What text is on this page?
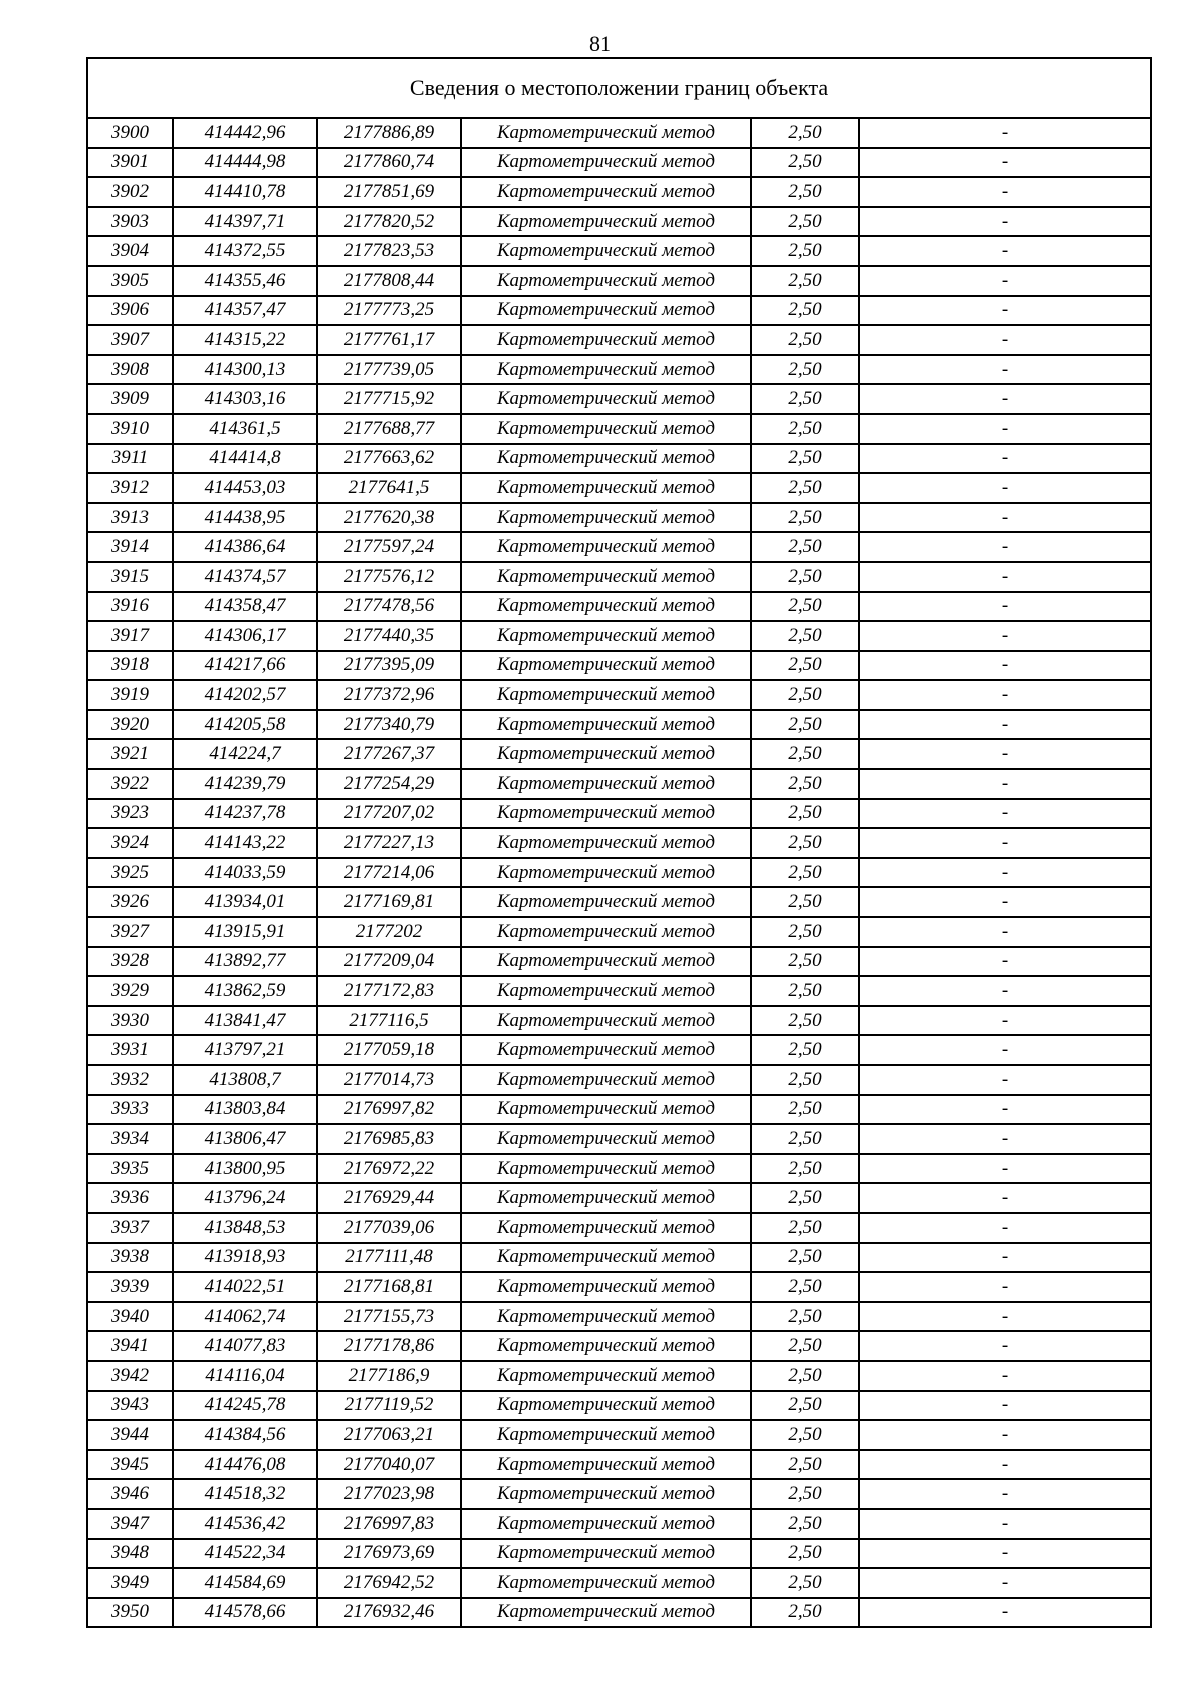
81
Сведения о местоположении границ объекта					
3900	414442,96	2177886,89	Картометрический метод	2,50	-
3901	414444,98	2177860,74	Картометрический метод	2,50	-
3902	414410,78	2177851,69	Картометрический метод	2,50	-
3903	414397,71	2177820,52	Картометрический метод	2,50	-
3904	414372,55	2177823,53	Картометрический метод	2,50	-
3905	414355,46	2177808,44	Картометрический метод	2,50	-
3906	414357,47	2177773,25	Картометрический метод	2,50	-
3907	414315,22	2177761,17	Картометрический метод	2,50	-
3908	414300,13	2177739,05	Картометрический метод	2,50	-
3909	414303,16	2177715,92	Картометрический метод	2,50	-
3910	414361,5	2177688,77	Картометрический метод	2,50	-
3911	414414,8	2177663,62	Картометрический метод	2,50	-
3912	414453,03	2177641,5	Картометрический метод	2,50	-
3913	414438,95	2177620,38	Картометрический метод	2,50	-
3914	414386,64	2177597,24	Картометрический метод	2,50	-
3915	414374,57	2177576,12	Картометрический метод	2,50	-
3916	414358,47	2177478,56	Картометрический метод	2,50	-
3917	414306,17	2177440,35	Картометрический метод	2,50	-
3918	414217,66	2177395,09	Картометрический метод	2,50	-
3919	414202,57	2177372,96	Картометрический метод	2,50	-
3920	414205,58	2177340,79	Картометрический метод	2,50	-
3921	414224,7	2177267,37	Картометрический метод	2,50	-
3922	414239,79	2177254,29	Картометрический метод	2,50	-
3923	414237,78	2177207,02	Картометрический метод	2,50	-
3924	414143,22	2177227,13	Картометрический метод	2,50	-
3925	414033,59	2177214,06	Картометрический метод	2,50	-
3926	413934,01	2177169,81	Картометрический метод	2,50	-
3927	413915,91	2177202	Картометрический метод	2,50	-
3928	413892,77	2177209,04	Картометрический метод	2,50	-
3929	413862,59	2177172,83	Картометрический метод	2,50	-
3930	413841,47	2177116,5	Картометрический метод	2,50	-
3931	413797,21	2177059,18	Картометрический метод	2,50	-
3932	413808,7	2177014,73	Картометрический метод	2,50	-
3933	413803,84	2176997,82	Картометрический метод	2,50	-
3934	413806,47	2176985,83	Картометрический метод	2,50	-
3935	413800,95	2176972,22	Картометрический метод	2,50	-
3936	413796,24	2176929,44	Картометрический метод	2,50	-
3937	413848,53	2177039,06	Картометрический метод	2,50	-
3938	413918,93	2177111,48	Картометрический метод	2,50	-
3939	414022,51	2177168,81	Картометрический метод	2,50	-
3940	414062,74	2177155,73	Картометрический метод	2,50	-
3941	414077,83	2177178,86	Картометрический метод	2,50	-
3942	414116,04	2177186,9	Картометрический метод	2,50	-
3943	414245,78	2177119,52	Картометрический метод	2,50	-
3944	414384,56	2177063,21	Картометрический метод	2,50	-
3945	414476,08	2177040,07	Картометрический метод	2,50	-
3946	414518,32	2177023,98	Картометрический метод	2,50	-
3947	414536,42	2176997,83	Картометрический метод	2,50	-
3948	414522,34	2176973,69	Картометрический метод	2,50	-
3949	414584,69	2176942,52	Картометрический метод	2,50	-
3950	414578,66	2176932,46	Картометрический метод	2,50	-
